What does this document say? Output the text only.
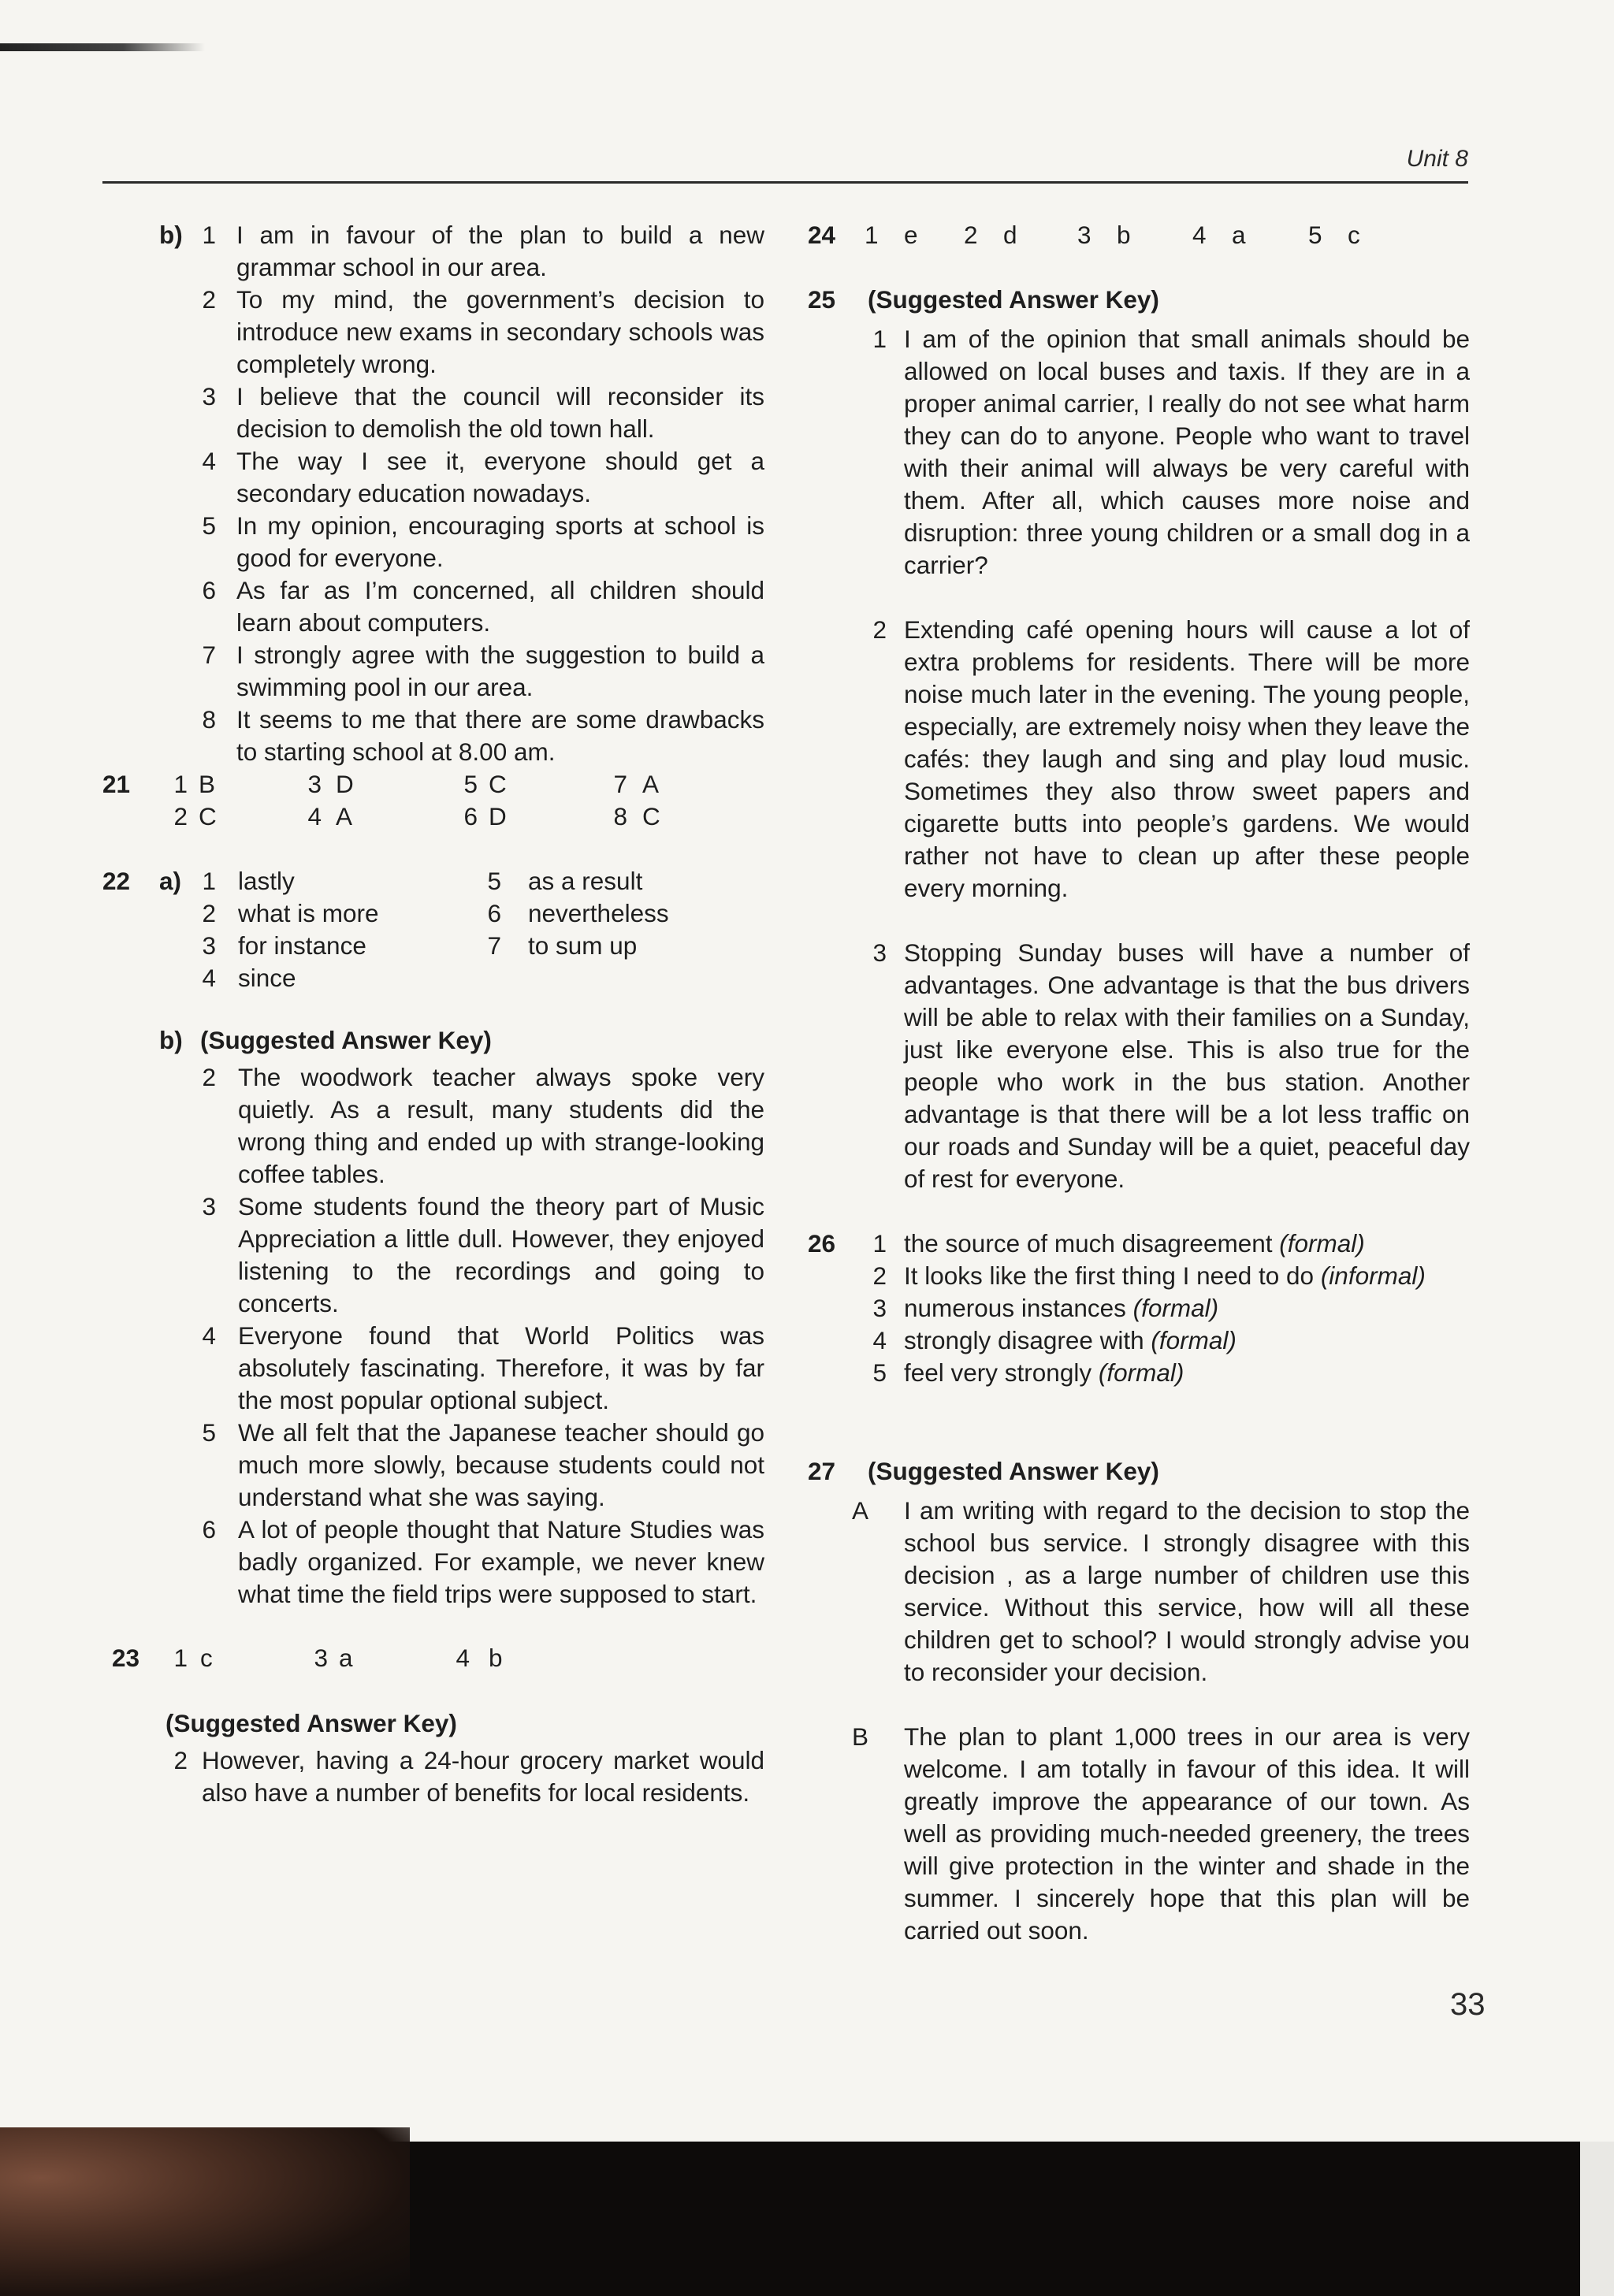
Unit 8
b) 1 I am in favour of the plan to build a new grammar school in our area.
2 To my mind, the government’s decision to introduce new exams in secondary schools was completely wrong.
3 I believe that the council will reconsider its decision to demolish the old town hall.
4 The way I see it, everyone should get a secondary education nowadays.
5 In my opinion, encouraging sports at school is good for everyone.
6 As far as I’m concerned, all children should learn about computers.
7 I strongly agree with the suggestion to build a swimming pool in our area.
8 It seems to me that there are some drawbacks to starting school at 8.00 am.
21	1 B	3 D	5 C	7 A
2 C	4 A	6 D	8 C
22 a) 1 lastly	5 as a result
2 what is more	6 nevertheless
3 for instance	7 to sum up
4 since
b) (Suggested Answer Key)
2 The woodwork teacher always spoke very quietly. As a result, many students did the wrong thing and ended up with strange-looking coffee tables.
3 Some students found the theory part of Music Appreciation a little dull. However, they enjoyed listening to the recordings and going to concerts.
4 Everyone found that World Politics was absolutely fascinating. Therefore, it was by far the most popular optional subject.
5 We all felt that the Japanese teacher should go much more slowly, because students could not understand what she was saying.
6 A lot of people thought that Nature Studies was badly organized. For example, we never knew what time the field trips were supposed to start.
23	1 c	3 a	4 b
(Suggested Answer Key)
2 However, having a 24-hour grocery market would also have a number of benefits for local residents.
24 1 e 2 d 3 b 4 a	5 c
25 (Suggested Answer Key)
1 I am of the opinion that small animals should be allowed on local buses and taxis. If they are in a proper animal carrier, I really do not see what harm they can do to anyone. People who want to travel with their animal will always be very careful with them. After all, which causes more noise and disruption: three young children or a small dog in a carrier?
2 Extending café opening hours will cause a lot of extra problems for residents. There will be more noise much later in the evening. The young people, especially, are extremely noisy when they leave the cafés: they laugh and sing and play loud music. Sometimes they also throw sweet papers and cigarette butts into people’s gardens. We would rather not have to clean up after these people every morning.
3 Stopping Sunday buses will have a number of advantages. One advantage is that the bus drivers will be able to relax with their families on a Sunday, just like everyone else. This is also true for the people who work in the bus station. Another advantage is that there will be a lot less traffic on our roads and Sunday will be a quiet, peaceful day of rest for everyone.
26	1 the source of much disagreement (formal)
2 It looks like the first thing I need to do (informal)
3 numerous instances (formal)
4 strongly disagree with (formal)
5 feel very strongly (formal)
27 (Suggested Answer Key)
A	I am writing with regard to the decision to stop the school bus service. I strongly disagree with this decision , as a large number of children use this service. Without this service, how will all these children get to school? I would strongly advise you to reconsider your decision.
B	The plan to plant 1,000 trees in our area is very welcome. I am totally in favour of this idea. It will greatly improve the appearance of our town. As well as providing much-needed greenery, the trees will give protection in the winter and shade in the summer. I sincerely hope that this plan will be carried out soon.
33
